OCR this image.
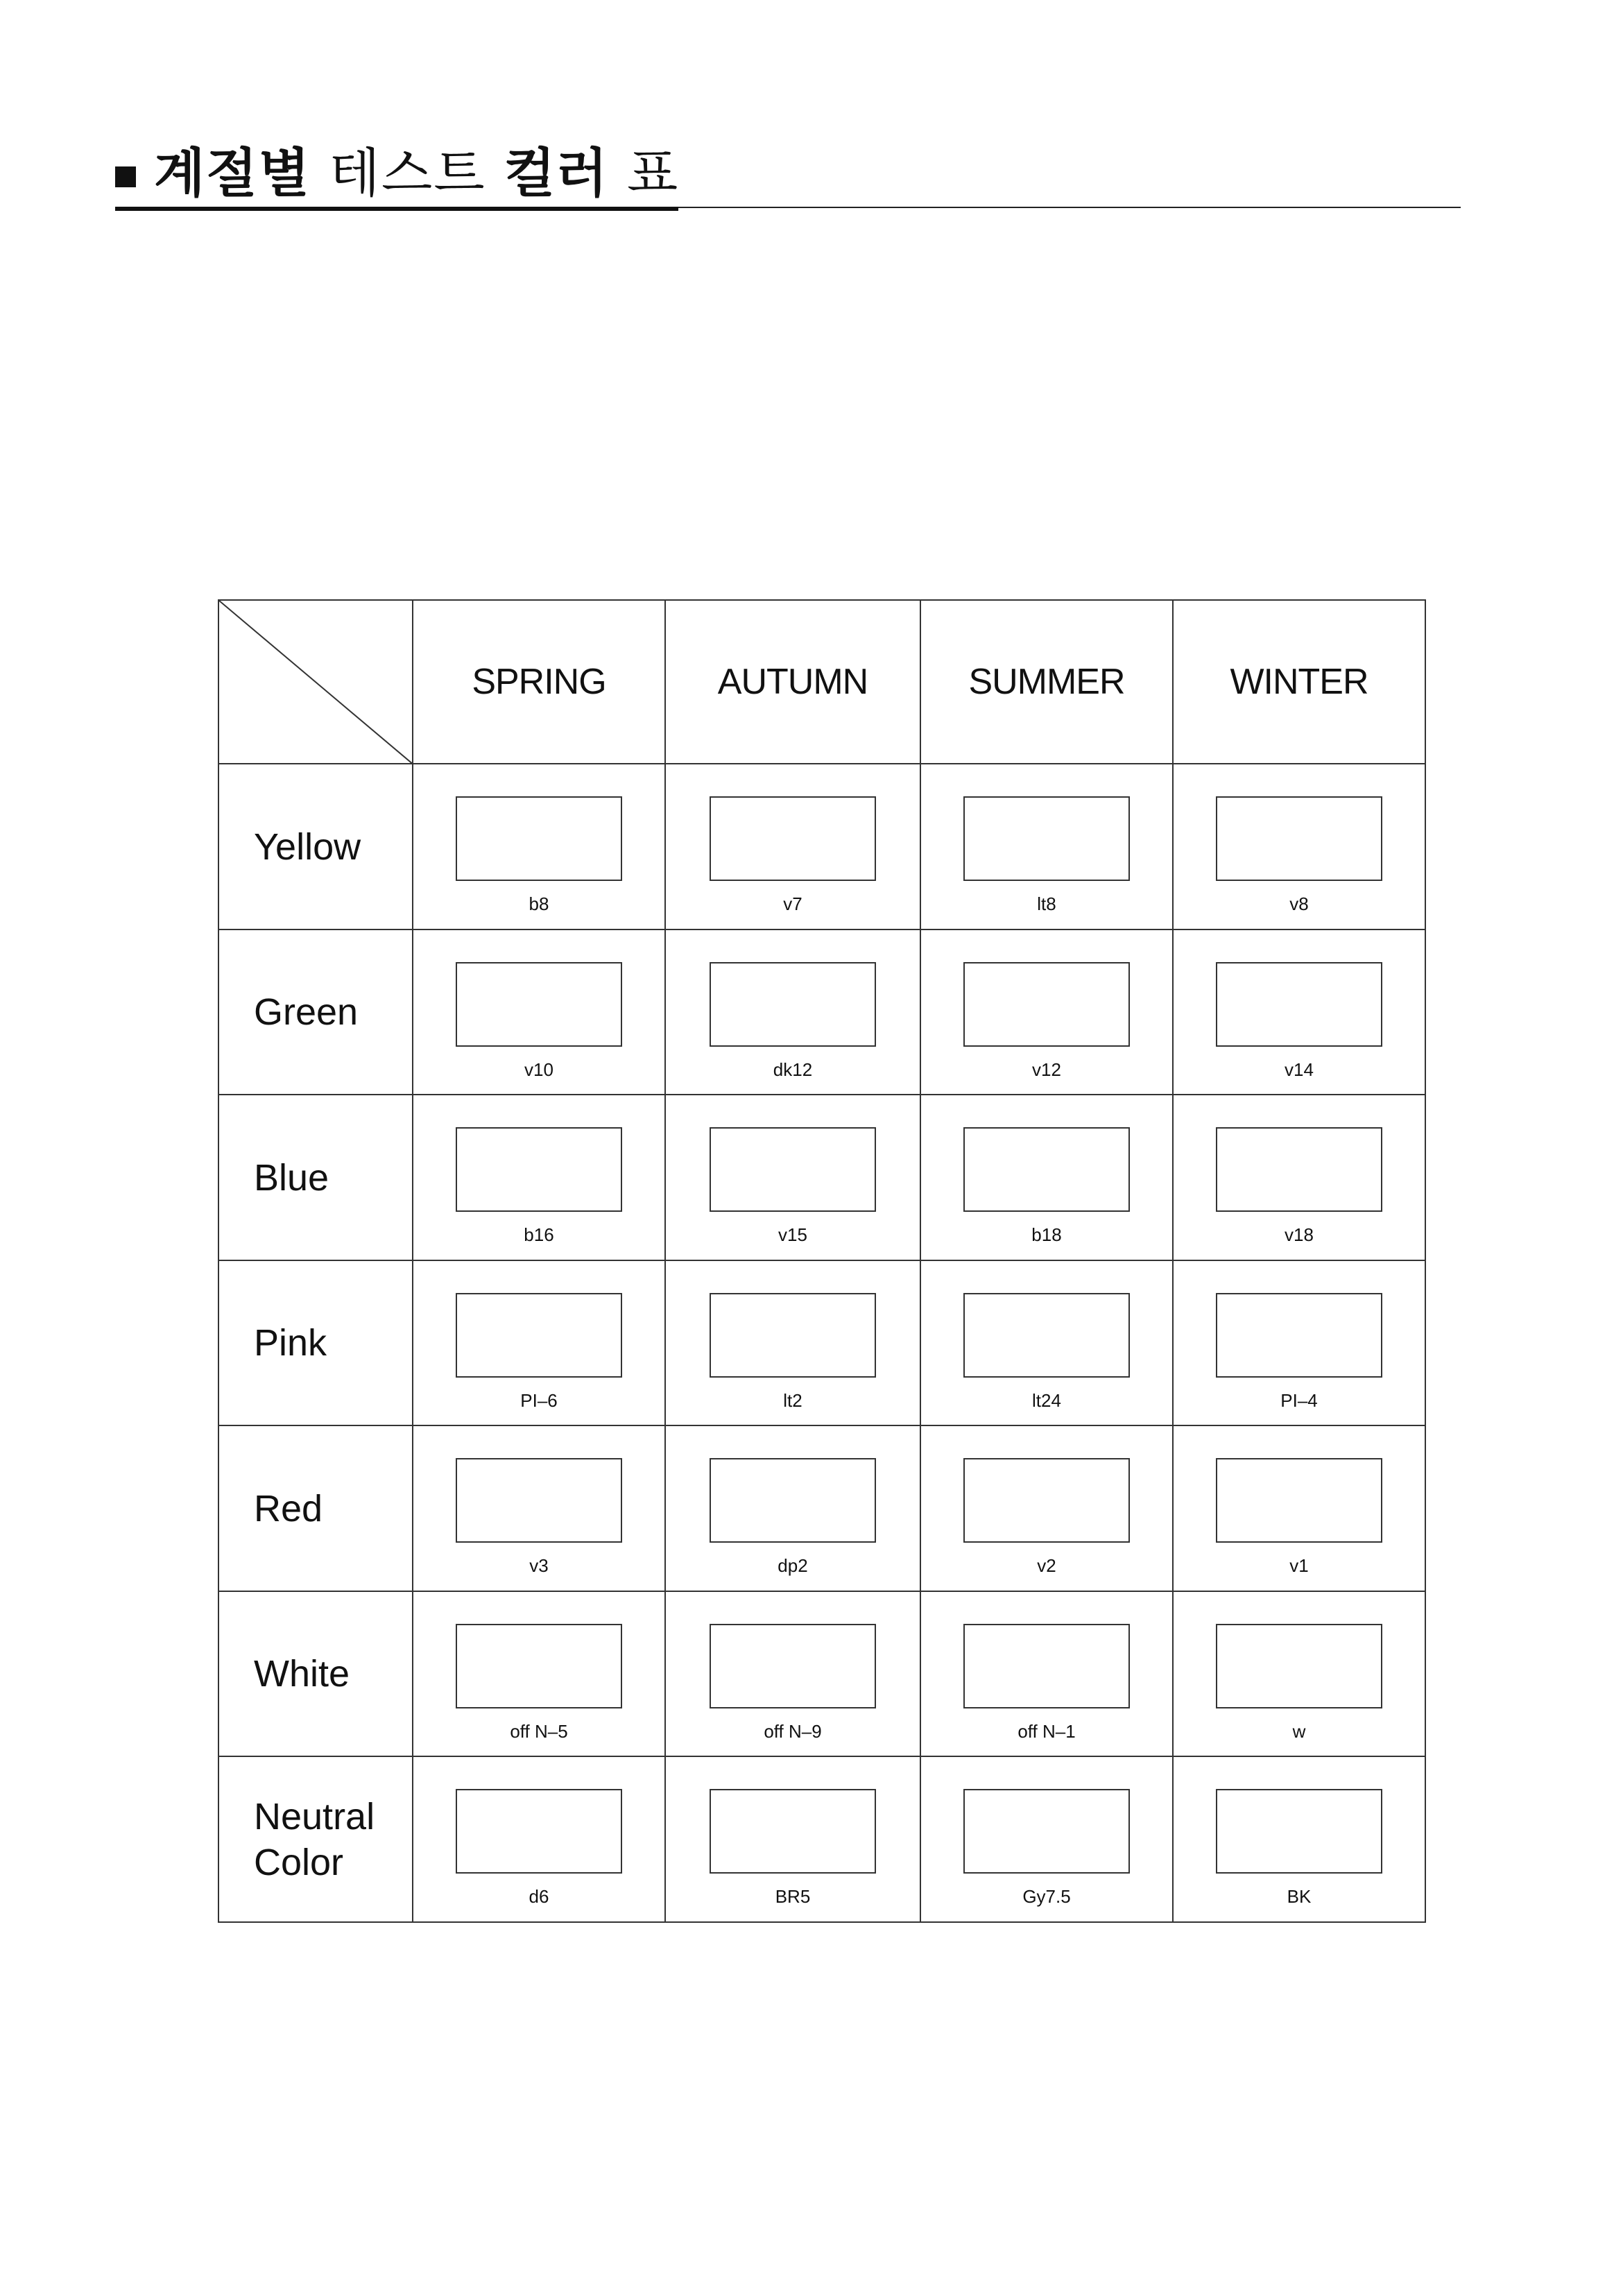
계절별 테스트 컬러 표
	SPRING	AUTUMN	SUMMER	WINTER
Yellow	b8	v7	lt8	v8

Green	v10	dk12	v12	v14

Blue	b16	v15	b18	v18

Pink	PI–6	lt2	lt24	PI–4

Red	v3	dp2	v2	v1

White	off N–5	off N–9	off N–1	w

Neutral
Color	d6	BR5	Gy7.5	BK
